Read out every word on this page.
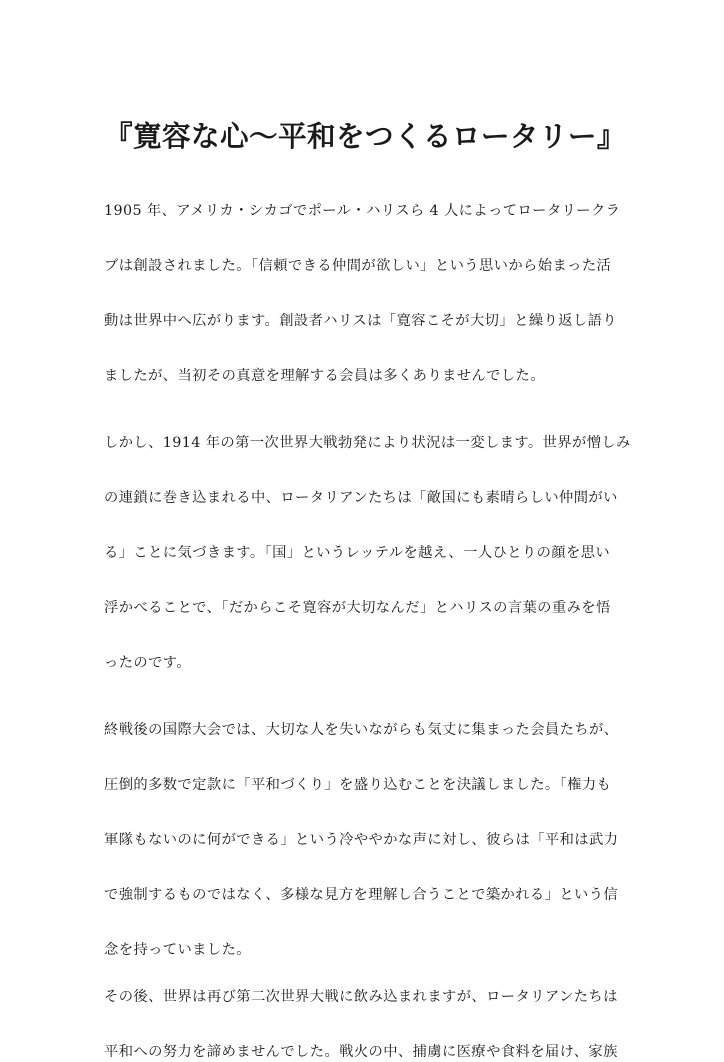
『寛容な心～平和をつくるロータリー』
1905 年、アメリカ・シカゴでポール・ハリスら 4 人によってロータリークラ
ブは創設されました。「信頼できる仲間が欲しい」という思いから始まった活
動は世界中へ広がります。創設者ハリスは「寛容こそが大切」と繰り返し語り
ましたが、当初その真意を理解する会員は多くありませんでした。
しかし、1914 年の第一次世界大戦勃発により状況は一変します。世界が憎しみ
の連鎖に巻き込まれる中、ロータリアンたちは「敵国にも素晴らしい仲間がい
る」ことに気づきます。「国」というレッテルを越え、一人ひとりの顔を思い
浮かべることで、「だからこそ寛容が大切なんだ」とハリスの言葉の重みを悟
ったのです。
終戦後の国際大会では、大切な人を失いながらも気丈に集まった会員たちが、
圧倒的多数で定款に「平和づくり」を盛り込むことを決議しました。「権力も
軍隊もないのに何ができる」という冷ややかな声に対し、彼らは「平和は武力
で強制するものではなく、多様な見方を理解し合うことで築かれる」という信
念を持っていました。
その後、世界は再び第二次世界大戦に飲み込まれますが、ロータリアンたちは
平和への努力を諦めませんでした。戦火の中、捕虜に医療や食料を届け、家族
